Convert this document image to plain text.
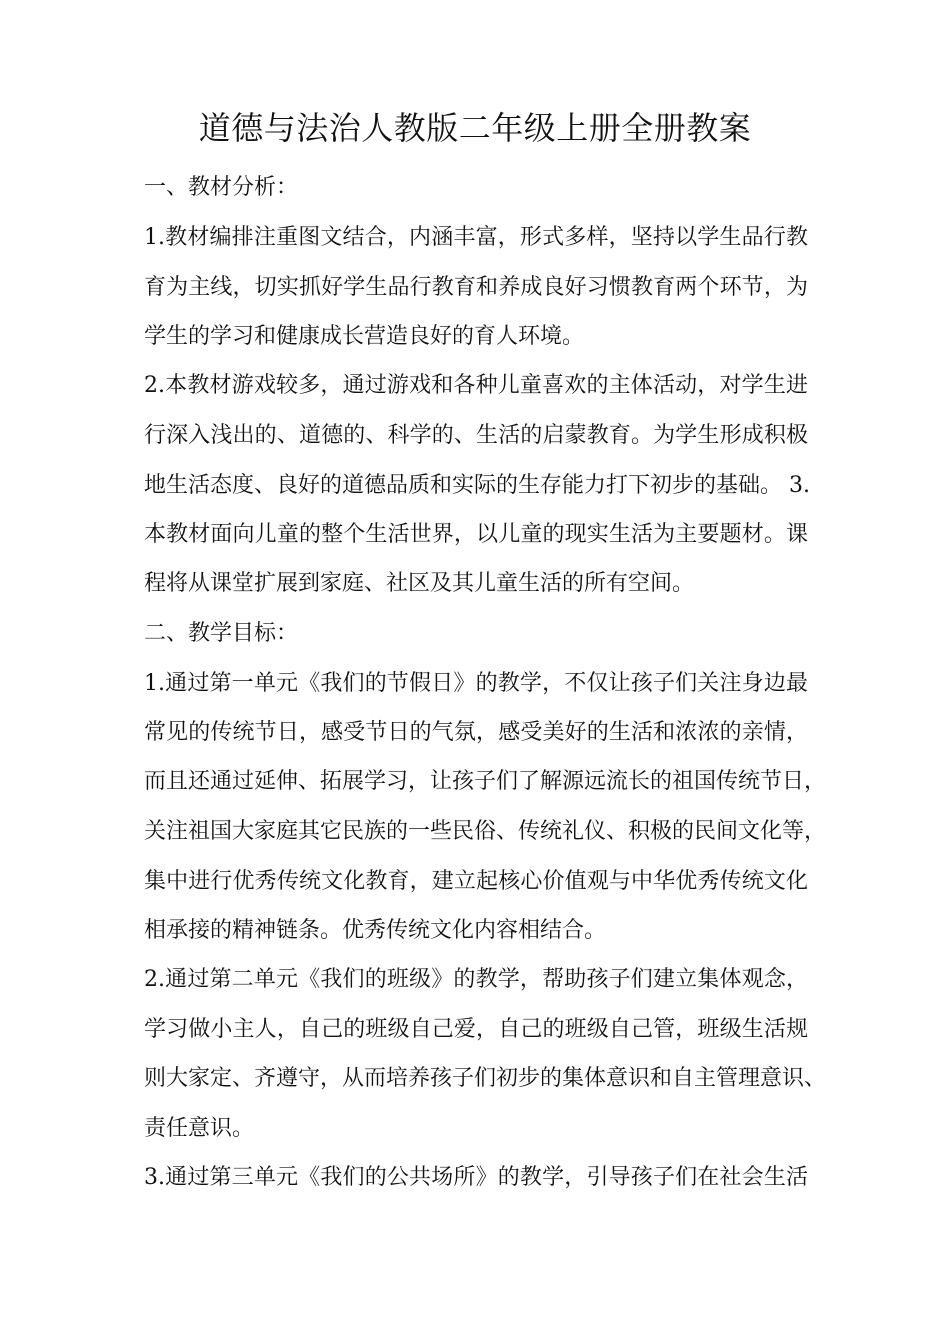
道德与法治人教版二年级上册全册教案
一、教材分析：
1.教材编排注重图文结合，内涵丰富，形式多样，坚持以学生品行教
育为主线，切实抓好学生品行教育和养成良好习惯教育两个环节，为
学生的学习和健康成长营造良好的育人环境。
2.本教材游戏较多，通过游戏和各种儿童喜欢的主体活动，对学生进
行深入浅出的、道德的、科学的、生活的启蒙教育。为学生形成积极
地生活态度、良好的道德品质和实际的生存能力打下初步的基础。 3.
本教材面向儿童的整个生活世界，以儿童的现实生活为主要题材。课
程将从课堂扩展到家庭、社区及其儿童生活的所有空间。
二、教学目标：
1.通过第一单元《我们的节假日》的教学，不仅让孩子们关注身边最
常见的传统节日，感受节日的气氛，感受美好的生活和浓浓的亲情，
而且还通过延伸、拓展学习，让孩子们了解源远流长的祖国传统节日，
关注祖国大家庭其它民族的一些民俗、传统礼仪、积极的民间文化等，
集中进行优秀传统文化教育，建立起核心价值观与中华优秀传统文化
相承接的精神链条。优秀传统文化内容相结合。
2.通过第二单元《我们的班级》的教学，帮助孩子们建立集体观念，
学习做小主人，自己的班级自己爱，自己的班级自己管，班级生活规
则大家定、齐遵守，从而培养孩子们初步的集体意识和自主管理意识、
责任意识。
3.通过第三单元《我们的公共场所》的教学，引导孩子们在社会生活
